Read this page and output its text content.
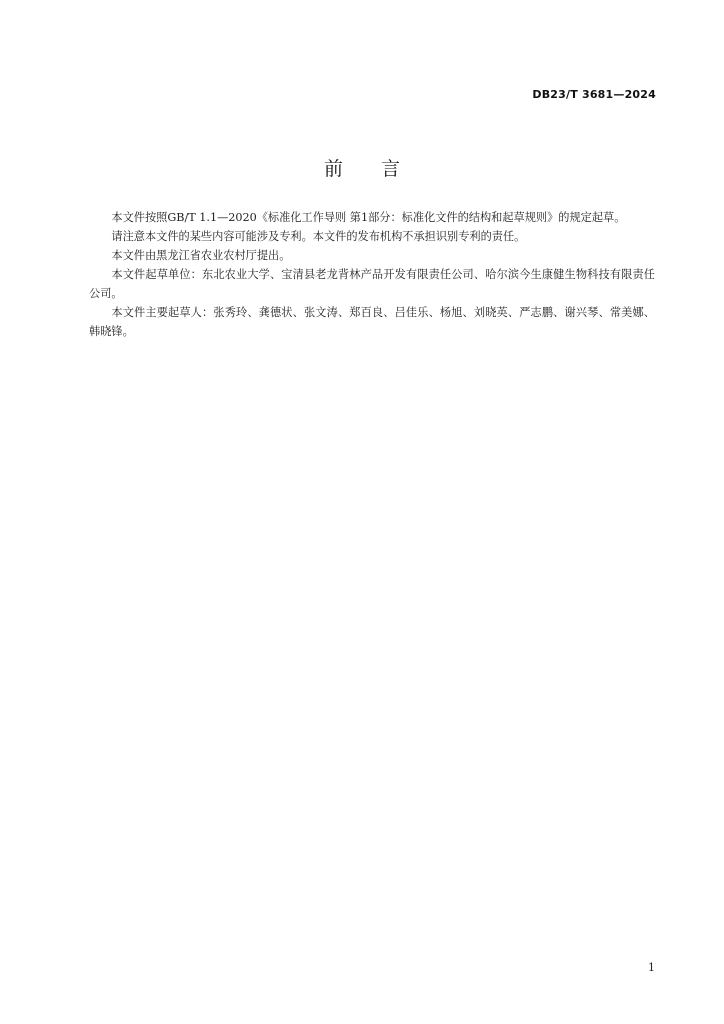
DB23/T 3681—2024
前言

本文件按照GB/T 1.1—2020《标准化工作导则 第1部分：标准化文件的结构和起草规则》的规定起草。

请注意本文件的某些内容可能涉及专利。本文件的发布机构不承担识别专利的责任。

本文件由黑龙江省农业农村厅提出。

本文件起草单位：东北农业大学、宝清县老龙背林产品开发有限责任公司、哈尔滨今生康健生物科技有限责任公司。

本文件主要起草人：张秀玲、龚德状、张文涛、郑百良、吕佳乐、杨旭、刘晓英、严志鹏、谢兴琴、常美娜、韩晓锋。

1
